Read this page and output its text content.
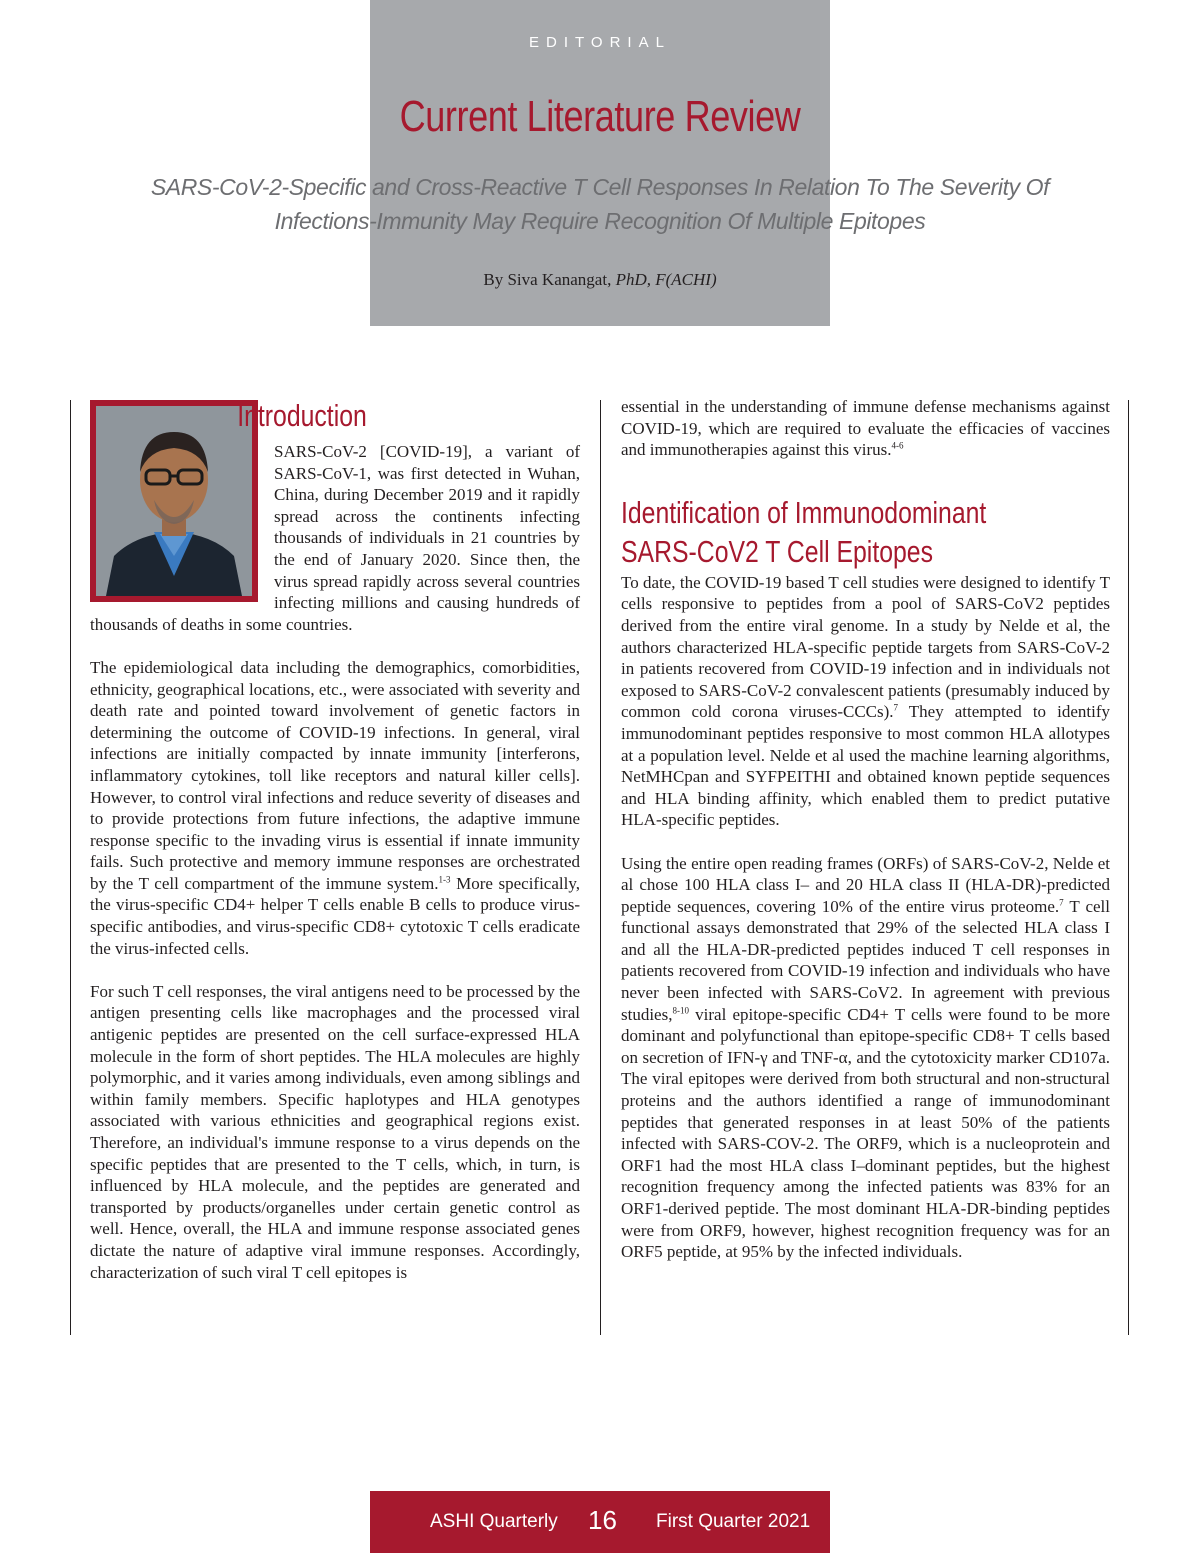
EDITORIAL
Current Literature Review
SARS-CoV-2-Specific and Cross-Reactive T Cell Responses In Relation To The Severity Of
Infections-Immunity May Require Recognition Of Multiple Epitopes
By Siva Kanangat, PhD, F(ACHI)
Introduction

SARS-CoV-2 [COVID-19], a variant of SARS-CoV-1, was first detected in Wuhan, China, during December 2019 and it rapidly spread across the continents infecting thousands of individuals in 21 countries by the end of January 2020. Since then, the virus spread rapidly across several countries infecting millions and causing hundreds of thousands of deaths in some countries.

The epidemiological data including the demographics, comorbidities, ethnicity, geographical locations, etc., were associated with severity and death rate and pointed toward involvement of genetic factors in determining the outcome of COVID-19 infections. In general, viral infections are initially compacted by innate immunity [interferons, inflammatory cytokines, toll like receptors and natural killer cells]. However, to control viral infections and reduce severity of diseases and to provide protections from future infections, the adaptive immune response specific to the invading virus is essential if innate immunity fails. Such protective and memory immune responses are orchestrated by the T cell compartment of the immune system.$^{1-3}$ More specifically, the virus-specific CD4+ helper T cells enable B cells to produce virus-specific antibodies, and virus-specific CD8+ cytotoxic T cells eradicate the virus-infected cells.

For such T cell responses, the viral antigens need to be processed by the antigen presenting cells like macrophages and the processed viral antigenic peptides are presented on the cell surface-expressed HLA molecule in the form of short peptides. The HLA molecules are highly polymorphic, and it varies among individuals, even among siblings and within family members. Specific haplotypes and HLA genotypes associated with various ethnicities and geographical regions exist. Therefore, an individual's immune response to a virus depends on the specific peptides that are presented to the T cells, which, in turn, is influenced by HLA molecule, and the peptides are generated and transported by products/organelles under certain genetic control as well. Hence, overall, the HLA and immune response associated genes dictate the nature of adaptive viral immune responses. Accordingly, characterization of such viral T cell epitopes is

essential in the understanding of immune defense mechanisms against COVID-19, which are required to evaluate the efficacies of vaccines and immunotherapies against this virus.$^{4-6}$

Identification of Immunodominant
SARS-CoV2 T Cell Epitopes

To date, the COVID-19 based T cell studies were designed to identify T cells responsive to peptides from a pool of SARS-CoV2 peptides derived from the entire viral genome. In a study by Nelde et al, the authors characterized HLA-specific peptide targets from SARS-CoV-2 in patients recovered from COVID-19 infection and in individuals not exposed to SARS-CoV-2 convalescent patients (presumably induced by common cold corona viruses-CCCs).$^7$ They attempted to identify immunodominant peptides responsive to most common HLA allotypes at a population level. Nelde et al used the machine learning algorithms, NetMHCpan and SYFPEITHI and obtained known peptide sequences and HLA binding affinity, which enabled them to predict putative HLA-specific peptides.

Using the entire open reading frames (ORFs) of SARS-CoV-2, Nelde et al chose 100 HLA class I– and 20 HLA class II (HLA-DR)-predicted peptide sequences, covering 10% of the entire virus proteome.$^7$ T cell functional assays demonstrated that 29% of the selected HLA class I and all the HLA-DR-predicted peptides induced T cell responses in patients recovered from COVID-19 infection and individuals who have never been infected with SARS-CoV2. In agreement with previous studies,$^{8-10}$ viral epitope-specific CD4+ T cells were found to be more dominant and polyfunctional than epitope-specific CD8+ T cells based on secretion of IFN-γ and TNF-α, and the cytotoxicity marker CD107a. The viral epitopes were derived from both structural and non-structural proteins and the authors identified a range of immunodominant peptides that generated responses in at least 50% of the patients infected with SARS-COV-2. The ORF9, which is a nucleoprotein and ORF1 had the most HLA class I–dominant peptides, but the highest recognition frequency among the infected patients was 83% for an ORF1-derived peptide. The most dominant HLA-DR-binding peptides were from ORF9, however, highest recognition frequency was for an ORF5 peptide, at 95% by the infected individuals.

ASHI Quarterly 16 First Quarter 2021
